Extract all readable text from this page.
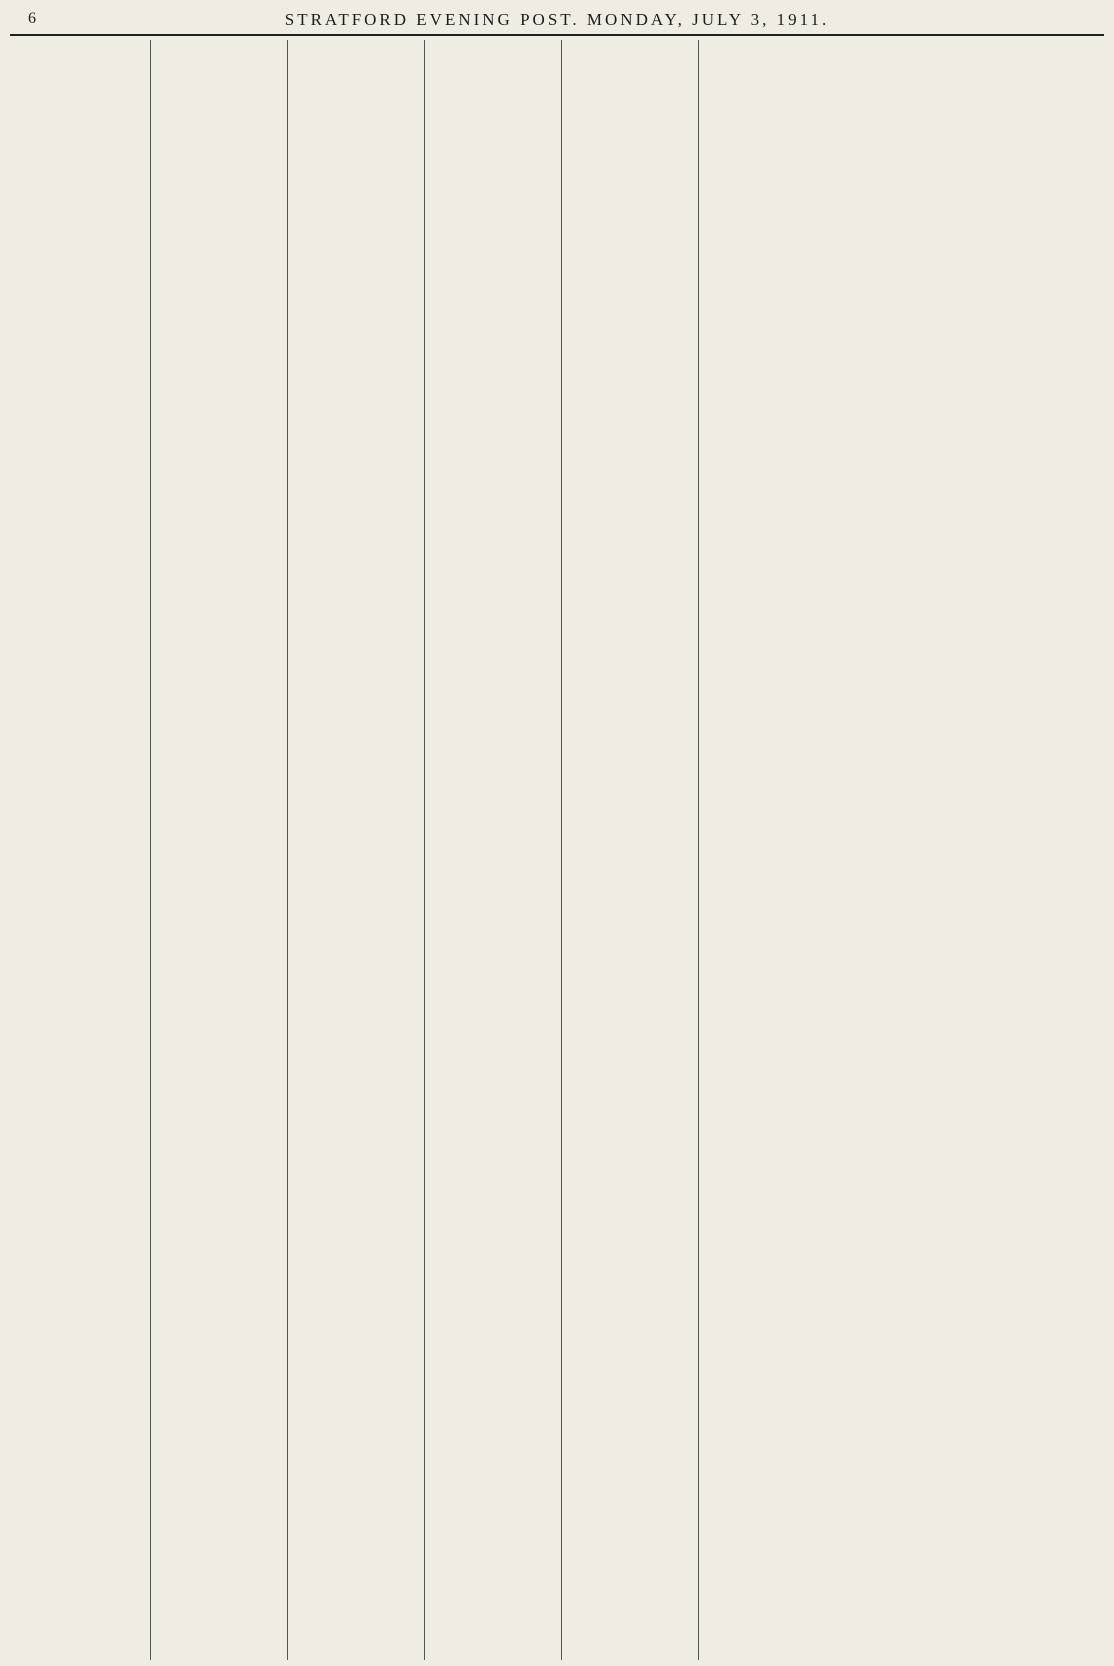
6	STRATFORD EVENING POST. MONDAY, JULY 3, 1911.
